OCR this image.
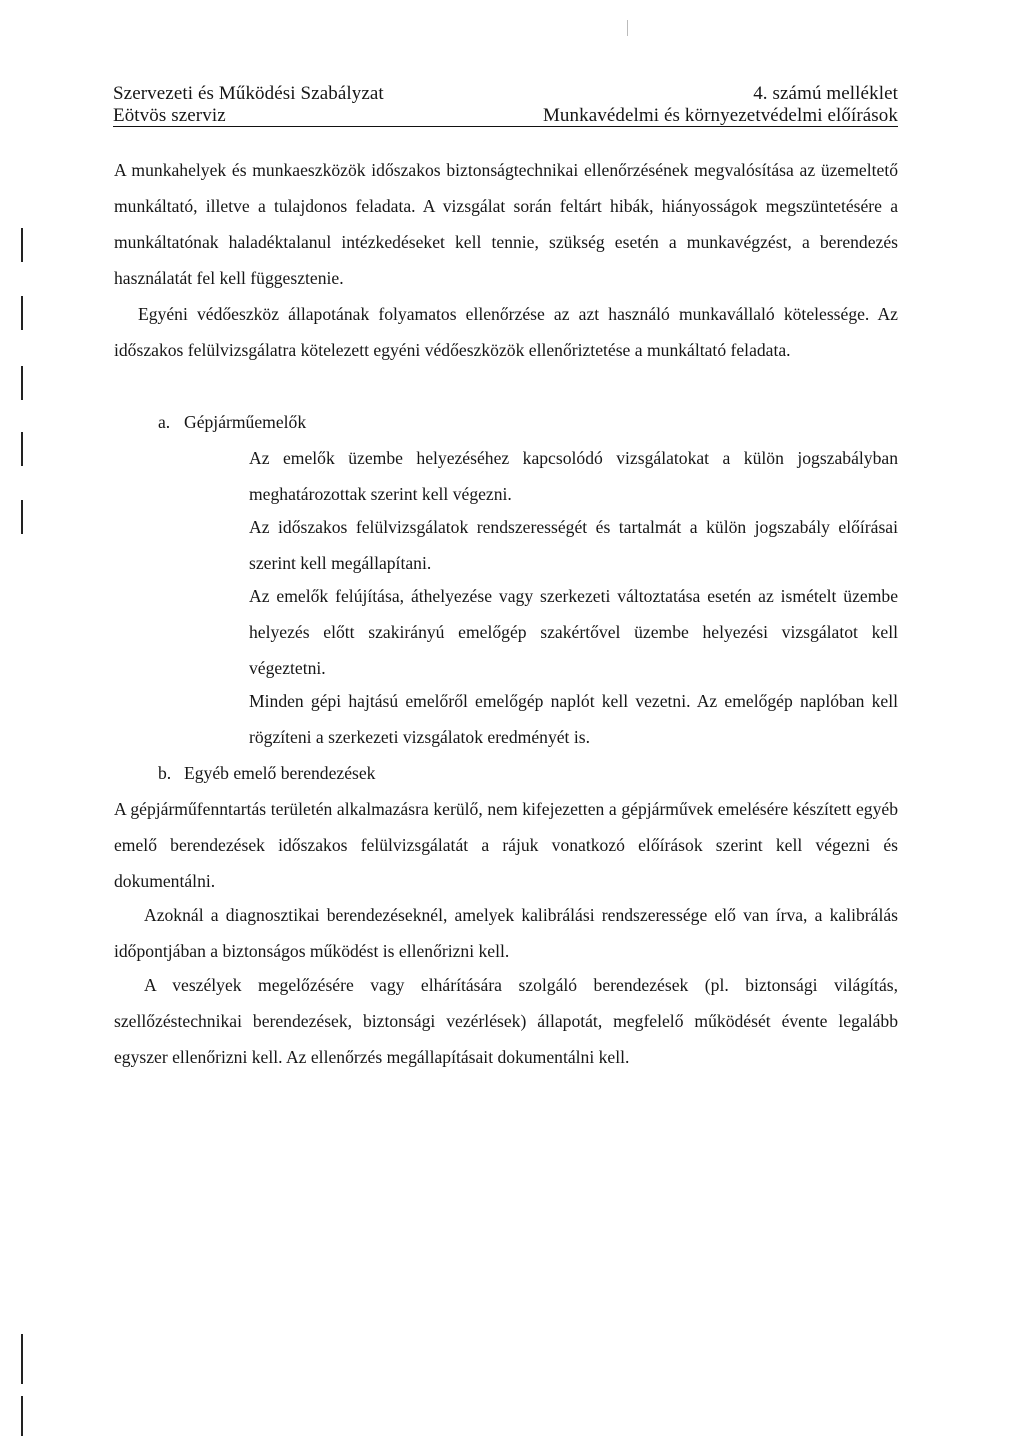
Szervezeti és Működési Szabályzat
Eötvös szerviz
4. számú melléklet
Munkavédelmi és környezetvédelmi előírások

A munkahelyek és munkaeszközök időszakos biztonságtechnikai ellenőrzésének megvalósítása az üzemeltető munkáltató, illetve a tulajdonos feladata. A vizsgálat során feltárt hibák, hiányosságok megszüntetésére a munkáltatónak haladéktalanul intézkedéseket kell tennie, szükség esetén a munkavégzést, a berendezés használatát fel kell függesztenie.

Egyéni védőeszköz állapotának folyamatos ellenőrzése az azt használó munkavállaló kötelessége. Az időszakos felülvizsgálatra kötelezett egyéni védőeszközök ellenőriztetése a munkáltató feladata.

a. Gépjárműemelők

Az emelők üzembe helyezéséhez kapcsolódó vizsgálatokat a külön jogszabályban meghatározottak szerint kell végezni.

Az időszakos felülvizsgálatok rendszerességét és tartalmát a külön jogszabály előírásai szerint kell megállapítani.

Az emelők felújítása, áthelyezése vagy szerkezeti változtatása esetén az ismételt üzembe helyezés előtt szakirányú emelőgép szakértővel üzembe helyezési vizsgálatot kell végeztetni.

Minden gépi hajtású emelőről emelőgép naplót kell vezetni. Az emelőgép naplóban kell rögzíteni a szerkezeti vizsgálatok eredményét is.

b. Egyéb emelő berendezések

A gépjárműfenntartás területén alkalmazásra kerülő, nem kifejezetten a gépjárművek emelésére készített egyéb emelő berendezések időszakos felülvizsgálatát a rájuk vonatkozó előírások szerint kell végezni és dokumentálni.

Azoknál a diagnosztikai berendezéseknél, amelyek kalibrálási rendszeressége elő van írva, a kalibrálás időpontjában a biztonságos működést is ellenőrizni kell.

A veszélyek megelőzésére vagy elhárítására szolgáló berendezések (pl. biztonsági világítás, szellőzéstechnikai berendezések, biztonsági vezérlések) állapotát, megfelelő működését évente legalább egyszer ellenőrizni kell. Az ellenőrzés megállapításait dokumentálni kell.
